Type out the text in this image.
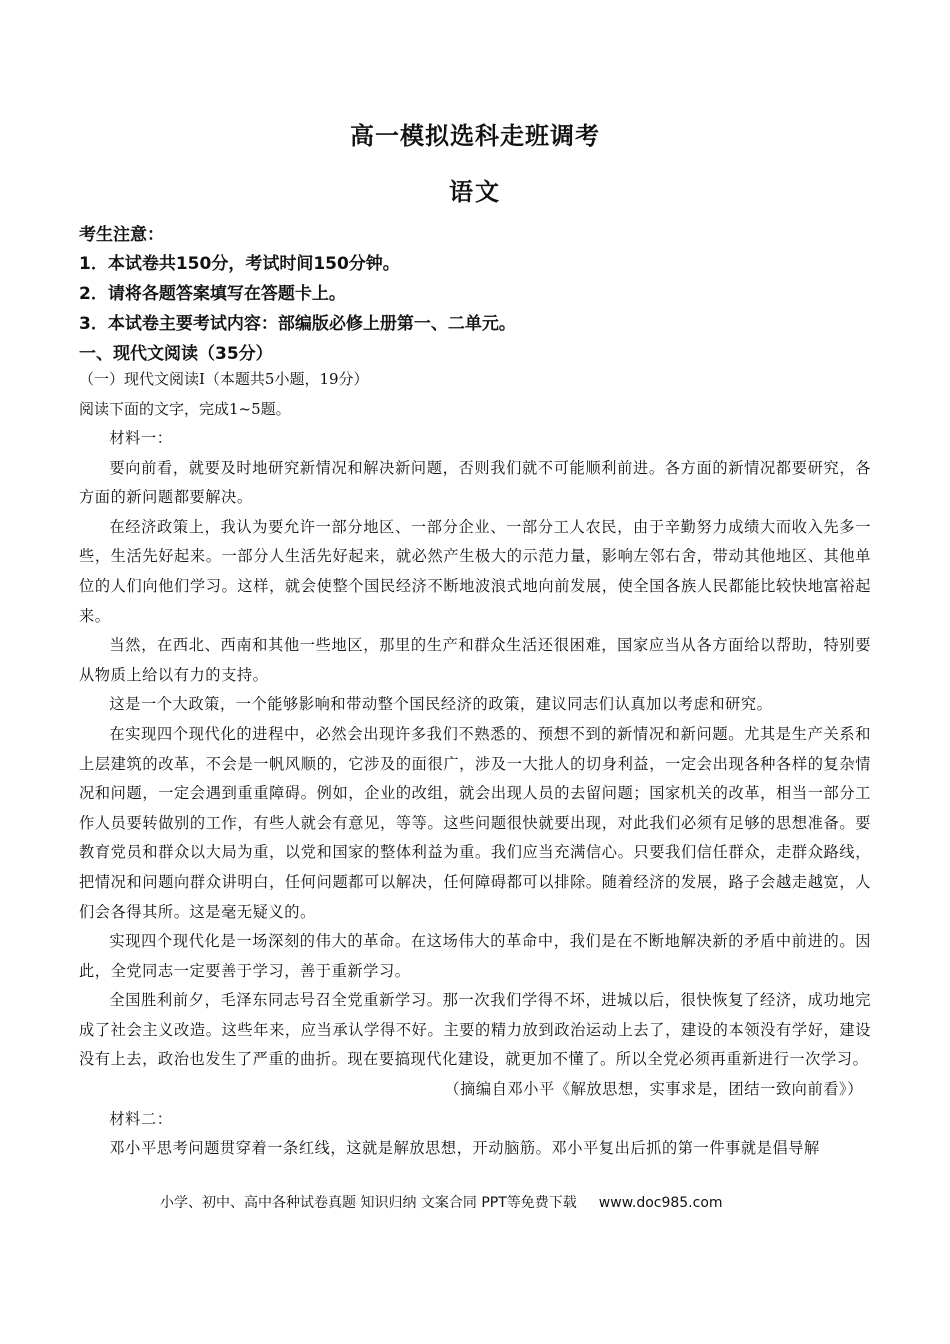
高一模拟选科走班调考
语文
考生注意：
1．本试卷共150分，考试时间150分钟。
2．请将各题答案填写在答题卡上。
3．本试卷主要考试内容：部编版必修上册第一、二单元。
一、现代文阅读（35分）
（一）现代文阅读Ⅰ（本题共5小题，19分）
阅读下面的文字，完成1~5题。

材料一：

要向前看，就要及时地研究新情况和解决新问题，否则我们就不可能顺利前进。各方面的新情况都要研究，各方面的新问题都要解决。

在经济政策上，我认为要允许一部分地区、一部分企业、一部分工人农民，由于辛勤努力成绩大而收入先多一些，生活先好起来。一部分人生活先好起来，就必然产生极大的示范力量，影响左邻右舍，带动其他地区、其他单位的人们向他们学习。这样，就会使整个国民经济不断地波浪式地向前发展，使全国各族人民都能比较快地富裕起来。

当然，在西北、西南和其他一些地区，那里的生产和群众生活还很困难，国家应当从各方面给以帮助，特别要从物质上给以有力的支持。

这是一个大政策，一个能够影响和带动整个国民经济的政策，建议同志们认真加以考虑和研究。

在实现四个现代化的进程中，必然会出现许多我们不熟悉的、预想不到的新情况和新问题。尤其是生产关系和上层建筑的改革，不会是一帆风顺的，它涉及的面很广，涉及一大批人的切身利益，一定会出现各种各样的复杂情况和问题，一定会遇到重重障碍。例如，企业的改组，就会出现人员的去留问题；国家机关的改革，相当一部分工作人员要转做别的工作，有些人就会有意见，等等。这些问题很快就要出现，对此我们必须有足够的思想准备。要教育党员和群众以大局为重，以党和国家的整体利益为重。我们应当充满信心。只要我们信任群众，走群众路线，把情况和问题向群众讲明白，任何问题都可以解决，任何障碍都可以排除。随着经济的发展，路子会越走越宽，人们会各得其所。这是毫无疑义的。

实现四个现代化是一场深刻的伟大的革命。在这场伟大的革命中，我们是在不断地解决新的矛盾中前进的。因此，全党同志一定要善于学习，善于重新学习。

全国胜利前夕，毛泽东同志号召全党重新学习。那一次我们学得不坏，进城以后，很快恢复了经济，成功地完成了社会主义改造。这些年来，应当承认学得不好。主要的精力放到政治运动上去了，建设的本领没有学好，建设没有上去，政治也发生了严重的曲折。现在要搞现代化建设，就更加不懂了。所以全党必须再重新进行一次学习。

（摘编自邓小平《解放思想，实事求是，团结一致向前看》）

材料二：

邓小平思考问题贯穿着一条红线，这就是解放思想，开动脑筋。邓小平复出后抓的第一件事就是倡导解

小学、初中、高中各种试卷真题 知识归纳 文案合同 PPT等免费下载 www.doc985.com
